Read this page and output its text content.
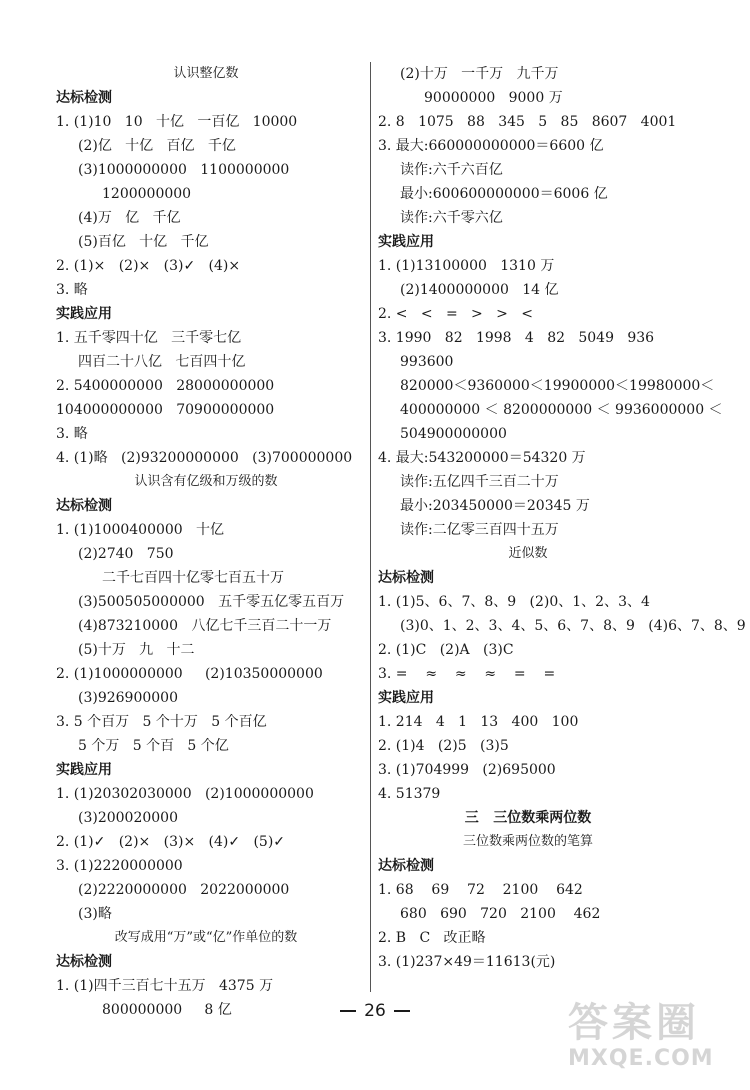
认识整亿数
达标检测
1. (1)10   10   十亿   一百亿   10000
(2)亿   十亿   百亿   千亿
(3)1000000000   1100000000
1200000000
(4)万   亿   千亿
(5)百亿   十亿   千亿
2. (1)×   (2)×   (3)✓   (4)×
3. 略
实践应用
1. 五千零四十亿   三千零七亿
四百二十八亿   七百四十亿
2. 5400000000   28000000000
104000000000   70900000000
3. 略
4. (1)略   (2)93200000000   (3)700000000
认识含有亿级和万级的数
达标检测
1. (1)1000400000   十亿
(2)2740   750
二千七百四十亿零七百五十万
(3)500505000000   五千零五亿零五百万
(4)873210000   八亿七千三百二十一万
(5)十万   九   十二
2. (1)1000000000     (2)10350000000
(3)926900000
3. 5 个百万   5 个十万   5 个百亿
5 个万   5 个百   5 个亿
实践应用
1. (1)20302030000   (2)1000000000
(3)200020000
2. (1)✓   (2)×   (3)×   (4)✓   (5)✓
3. (1)2220000000
(2)2220000000   2022000000
(3)略
改写成用“万”或“亿”作单位的数
达标检测
1. (1)四千三百七十五万   4375 万
800000000     8 亿
(2)十万   一千万   九千万
90000000   9000 万
2. 8   1075   88   345   5   85   8607   4001
3. 最大:660000000000＝6600 亿
读作:六千六百亿
最小:600600000000＝6006 亿
读作:六千零六亿
实践应用
1. (1)13100000   1310 万
(2)1400000000   14 亿
2. <   <   =   >   >   <
3. 1990   82   1998   4   82   5049   936
993600
820000＜9360000＜19900000＜19980000＜
400000000 ＜ 8200000000 ＜ 9936000000 ＜
504900000000
4. 最大:543200000＝54320 万
读作:五亿四千三百二十万
最小:203450000＝20345 万
读作:二亿零三百四十五万
近似数
达标检测
1. (1)5、6、7、8、9   (2)0、1、2、3、4
(3)0、1、2、3、4、5、6、7、8、9   (4)6、7、8、9
2. (1)C   (2)A   (3)C
3. =    ≈    ≈    ≈    =    =
实践应用
1. 214   4   1   13   400   100
2. (1)4   (2)5   (3)5
3. (1)704999   (2)695000
4. 51379
三   三位数乘两位数
三位数乘两位数的笔算
达标检测
1. 68    69    72    2100    642
680   690   720   2100    462
2. B   C   改正略
3. (1)237×49＝11613(元)
26	答案圈
MXQE.COM
